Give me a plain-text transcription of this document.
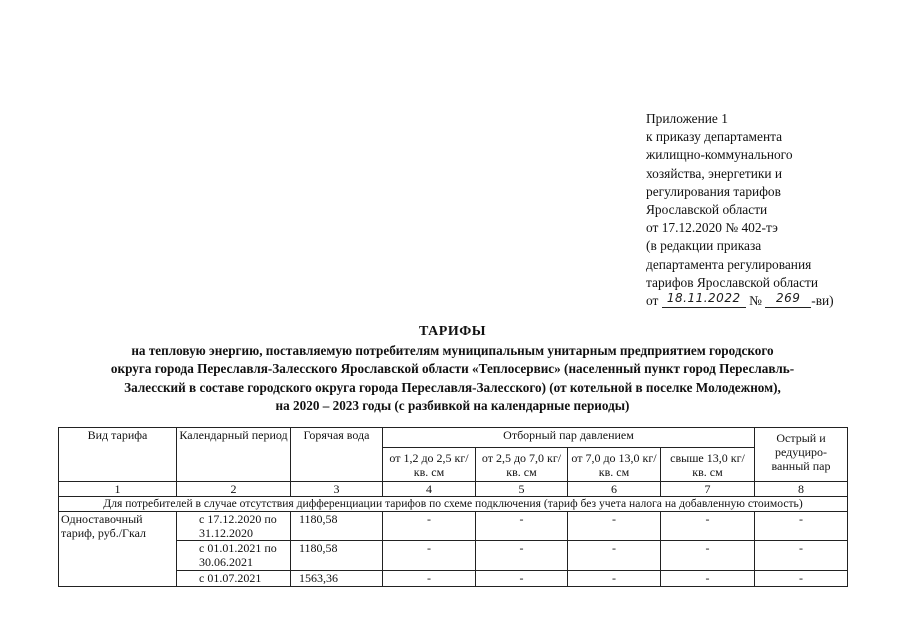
Приложение 1
к приказу департамента
жилищно-коммунального
хозяйства, энергетики и
регулирования тарифов
Ярославской области
от 17.12.2020 № 402-тэ
(в редакции приказа
департамента регулирования
тарифов Ярославской области
от 18.11.2022 № 269 -ви)
ТАРИФЫ
на тепловую энергию, поставляемую потребителям муниципальным унитарным предприятием городского
округа города Переславля-Залесского Ярославской области «Теплосервис» (населенный пункт город Переславль-
Залесский в составе городского округа города Переславля-Залесского) (от котельной в поселке Молодежном),
на 2020 – 2023 годы (с разбивкой на календарные периоды)
Вид тарифа	Календарный период	Горячая вода	Отборный пар давлением				Острый и редуциро-ванный пар
			от 1,2 до 2,5 кг/ кв. см	от 2,5 до 7,0 кг/ кв. см	от 7,0 до 13,0 кг/ кв. см	свыше 13,0 кг/ кв. см	
1	2	3	4	5	6	7	8
Для потребителей в случае отсутствия дифференциации тарифов по схеме подключения (тариф без учета налога на добавленную стоимость)							
Одноставочный тариф, руб./Гкал	с 17.12.2020 по 31.12.2020	1180,58	-	-	-	-	-
	с 01.01.2021 по 30.06.2021	1180,58	-	-	-	-	-
	с 01.07.2021	1563,36	-	-	-	-	-
